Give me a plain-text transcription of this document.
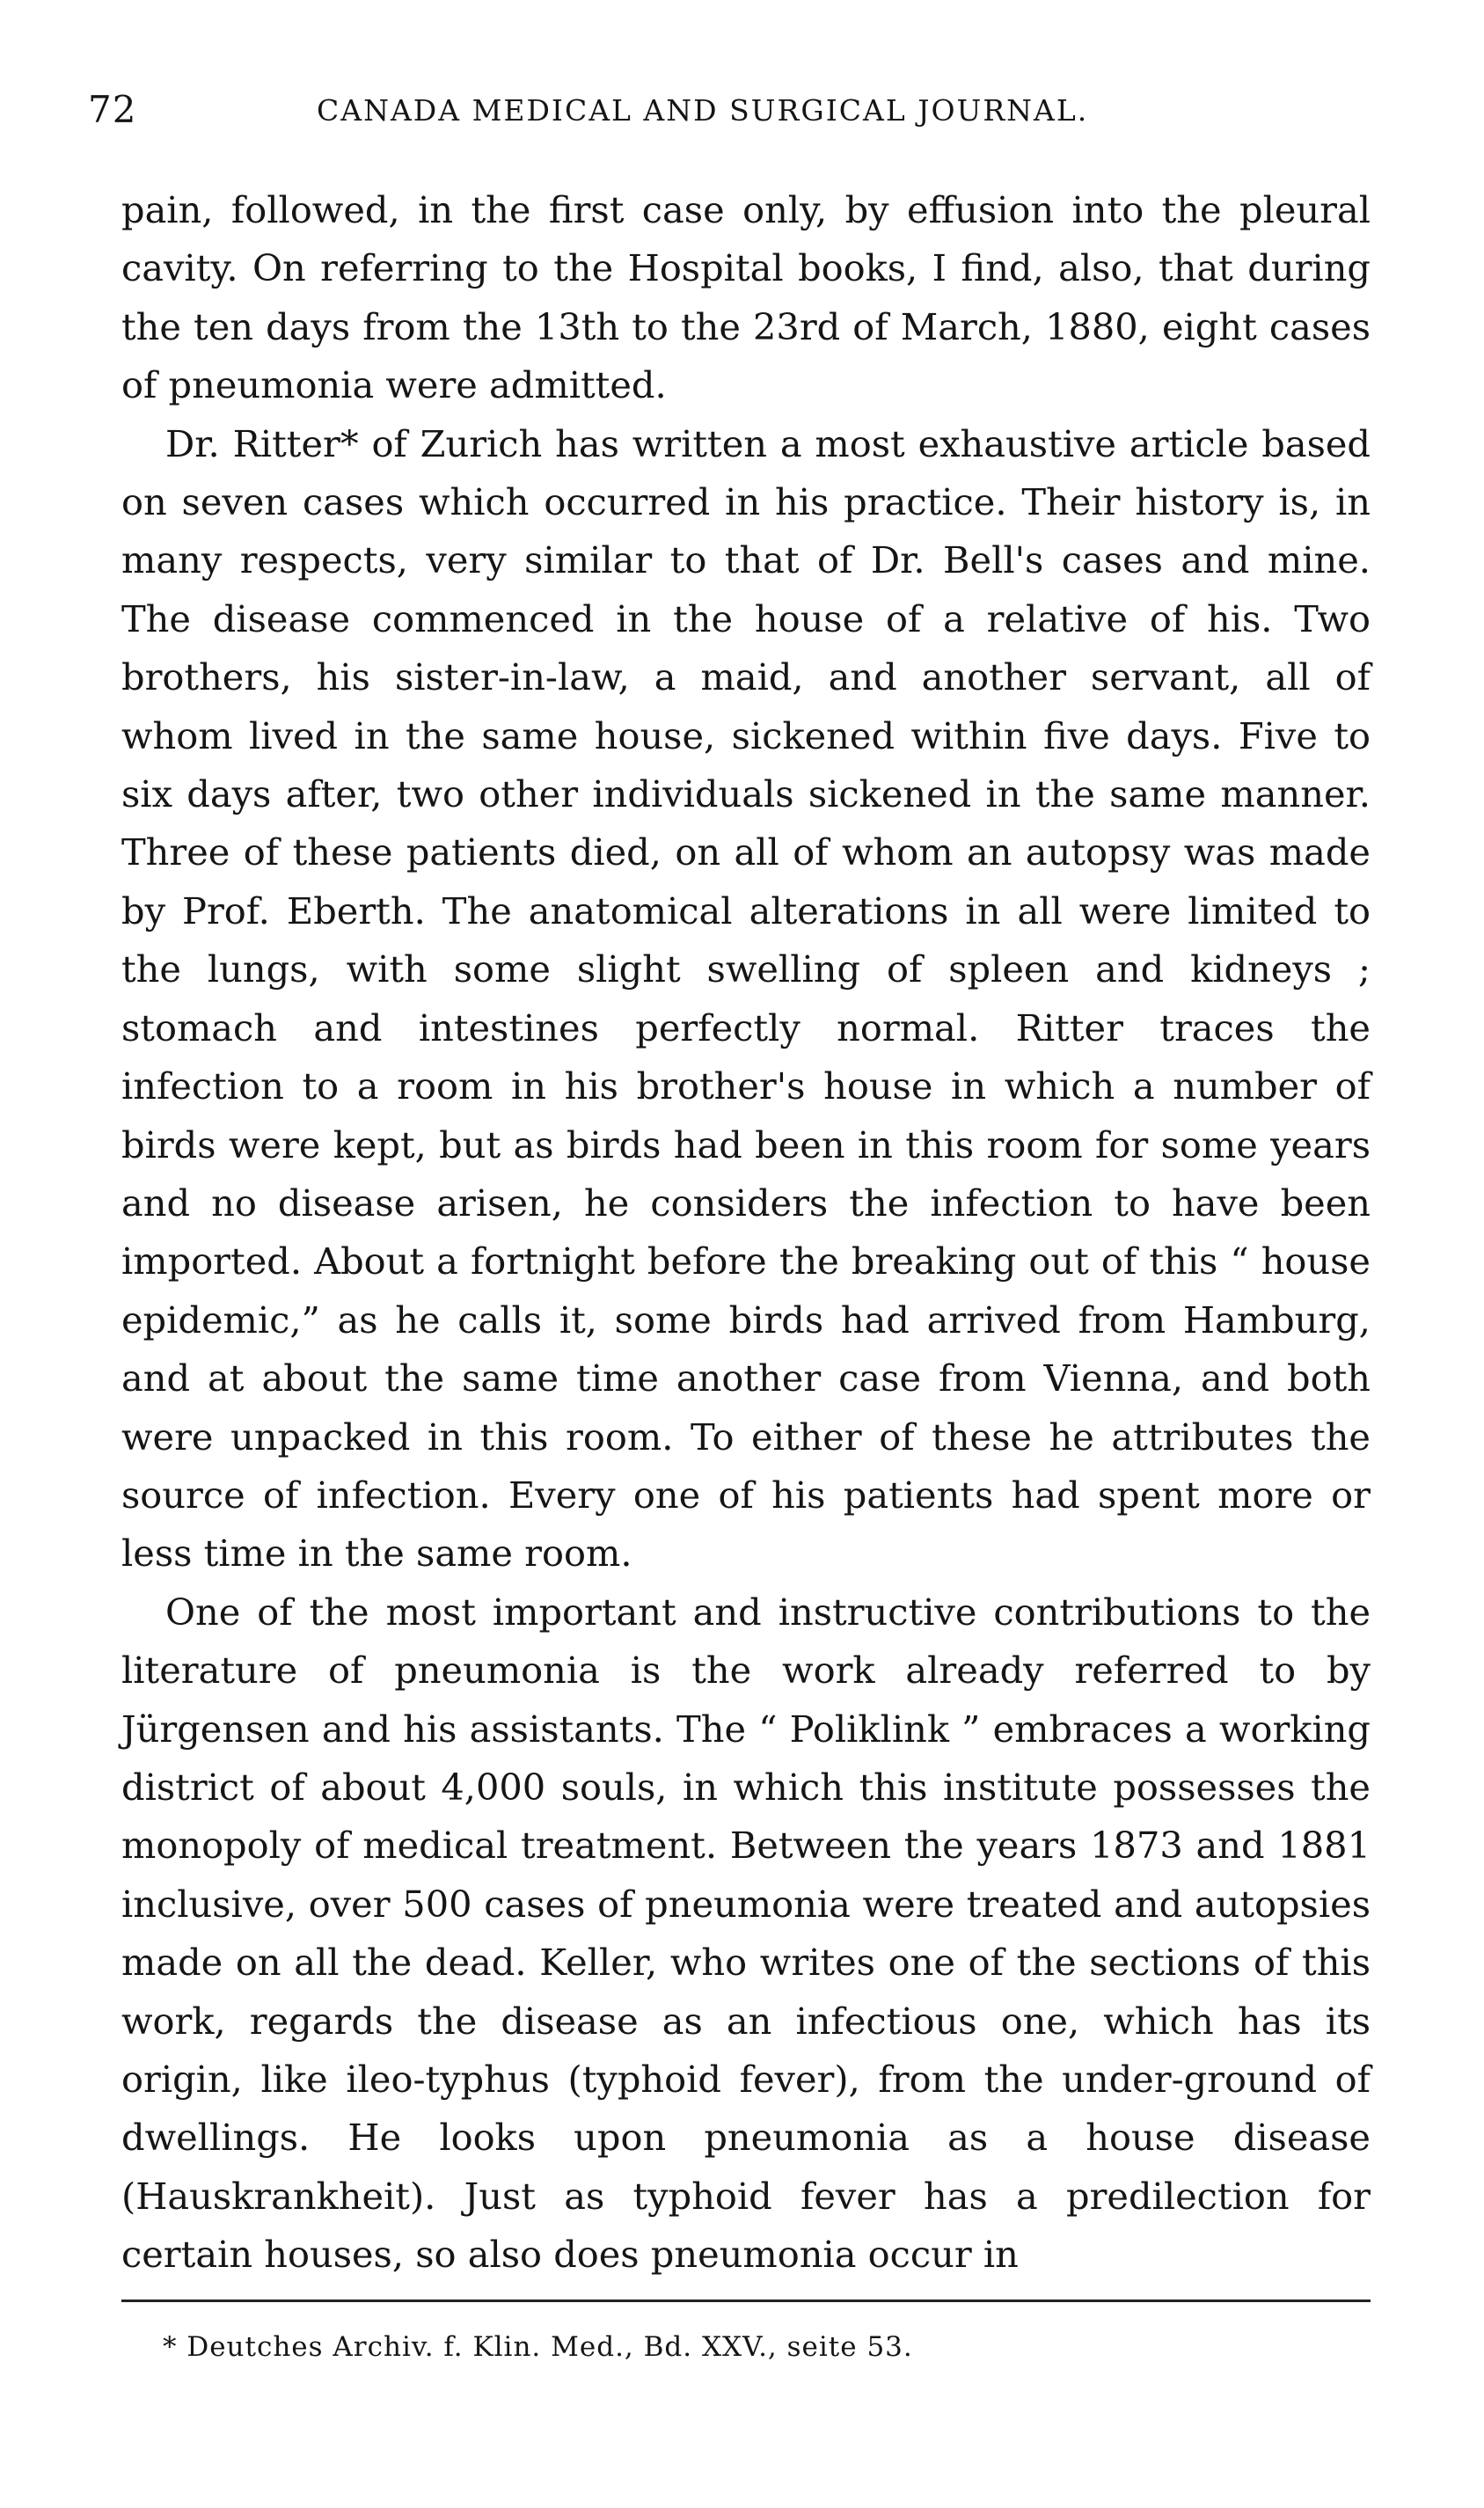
72	CANADA MEDICAL AND SURGICAL JOURNAL.

pain, followed, in the first case only, by effusion into the pleural cavity. On referring to the Hospital books, I find, also, that during the ten days from the 13th to the 23rd of March, 1880, eight cases of pneumonia were admitted.

Dr. Ritter* of Zurich has written a most exhaustive article based on seven cases which occurred in his practice. Their history is, in many respects, very similar to that of Dr. Bell's cases and mine. The disease commenced in the house of a relative of his. Two brothers, his sister-in-law, a maid, and another servant, all of whom lived in the same house, sickened within five days. Five to six days after, two other individuals sickened in the same manner. Three of these patients died, on all of whom an autopsy was made by Prof. Eberth. The anatomical alterations in all were limited to the lungs, with some slight swelling of spleen and kidneys ; stomach and intestines perfectly normal. Ritter traces the infection to a room in his brother's house in which a number of birds were kept, but as birds had been in this room for some years and no disease arisen, he considers the infection to have been imported. About a fortnight before the breaking out of this “ house epidemic,” as he calls it, some birds had arrived from Hamburg, and at about the same time another case from Vienna, and both were unpacked in this room. To either of these he attributes the source of infection. Every one of his patients had spent more or less time in the same room.

One of the most important and instructive contributions to the literature of pneumonia is the work already referred to by Jürgensen and his assistants. The “ Poliklink ” embraces a working district of about 4,000 souls, in which this institute possesses the monopoly of medical treatment. Between the years 1873 and 1881 inclusive, over 500 cases of pneumonia were treated and autopsies made on all the dead. Keller, who writes one of the sections of this work, regards the disease as an infectious one, which has its origin, like ileo-typhus (typhoid fever), from the under-ground of dwellings. He looks upon pneumonia as a house disease (Hauskrankheit). Just as typhoid fever has a predilection for certain houses, so also does pneumonia occur in

* Deutches Archiv. f. Klin. Med., Bd. XXV., seite 53.
